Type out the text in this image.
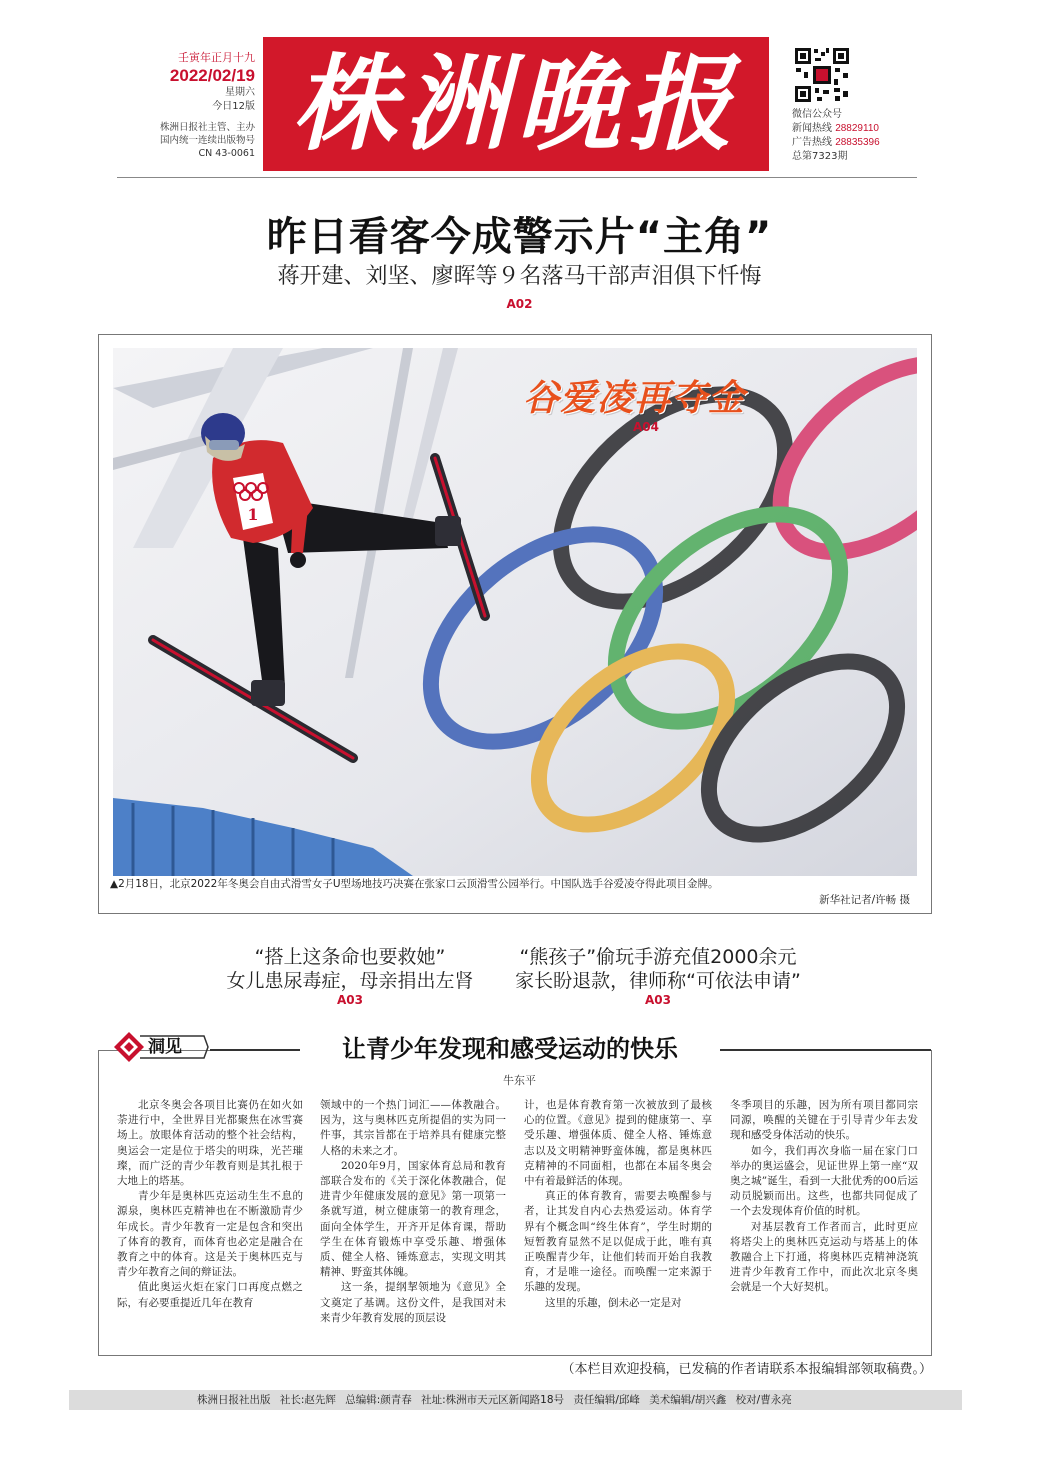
壬寅年正月十九
2022/02/19
星期六
今日12版
株洲日报社主管、主办
国内统一连续出版物号
CN 43-0061 株洲晚报	微信公众号
新闻热线 28829110
广告热线 28835396
总第7323期
昨日看客今成警示片“主角”
蒋开建、刘坚、廖晖等９名落马干部声泪俱下忏悔
A02
1
谷爱凌再夺金
A04
▲2月18日，北京2022年冬奥会自由式滑雪女子U型场地技巧决赛在张家口云顶滑雪公园举行。中国队选手谷爱凌夺得此项目金牌。
新华社记者/许畅 摄
“搭上这条命也要救她”
女儿患尿毒症，母亲捐出左肾
A03
“熊孩子”偷玩手游充值2000余元
家长盼退款，律师称“可依法申请”
A03
让青少年发现和感受运动的快乐
洞见
牛东平

北京冬奥会各项目比赛仍在如火如荼进行中，全世界目光都聚焦在冰雪赛场上。放眼体育活动的整个社会结构，奥运会一定是位于塔尖的明珠，光芒璀璨，而广泛的青少年教育则是其扎根于大地上的塔基。

青少年是奥林匹克运动生生不息的源泉，奥林匹克精神也在不断激励青少年成长。青少年教育一定是包含和突出了体育的教育，而体育也必定是融合在教育之中的体育。这是关于奥林匹克与青少年教育之间的辩证法。

值此奥运火炬在家门口再度点燃之际，有必要重提近几年在教育

领域中的一个热门词汇——体教融合。因为，这与奥林匹克所提倡的实为同一件事，其宗旨都在于培养具有健康完整人格的未来之才。

2020年9月，国家体育总局和教育部联合发布的《关于深化体教融合，促进青少年健康发展的意见》第一项第一条就写道，树立健康第一的教育理念，面向全体学生，开齐开足体育课，帮助学生在体育锻炼中享受乐趣、增强体质、健全人格、锤炼意志，实现文明其精神、野蛮其体魄。

这一条，提纲挈领地为《意见》全文奠定了基调。这份文件，是我国对未来青少年教育发展的顶层设

计，也是体育教育第一次被放到了最核心的位置。《意见》提到的健康第一、享受乐趣、增强体质、健全人格、锤炼意志以及文明精神野蛮体魄，都是奥林匹克精神的不同面相，也都在本届冬奥会中有着最鲜活的体现。

真正的体育教育，需要去唤醒参与者，让其发自内心去热爱运动。体育学界有个概念叫“终生体育”，学生时期的短暂教育显然不足以促成于此，唯有真正唤醒青少年，让他们转而开始自我教育，才是唯一途径。而唤醒一定来源于乐趣的发现。

这里的乐趣，倒未必一定是对

冬季项目的乐趣，因为所有项目都同宗同源，唤醒的关键在于引导青少年去发现和感受身体活动的快乐。

如今，我们再次身临一届在家门口举办的奥运盛会，见证世界上第一座“双奥之城”诞生，看到一大批优秀的00后运动员脱颖而出。这些，也都共同促成了一个去发现体育价值的时机。

对基层教育工作者而言，此时更应将塔尖上的奥林匹克运动与塔基上的体教融合上下打通，将奥林匹克精神浇筑进青少年教育工作中，而此次北京冬奥会就是一个大好契机。

（本栏目欢迎投稿，已发稿的作者请联系本报编辑部领取稿费。）
株洲日报社出版 社长:赵先辉 总编辑:颜青春 社址:株洲市天元区新闻路18号 责任编辑/邱峰 美术编辑/胡兴鑫 校对/曹永亮
